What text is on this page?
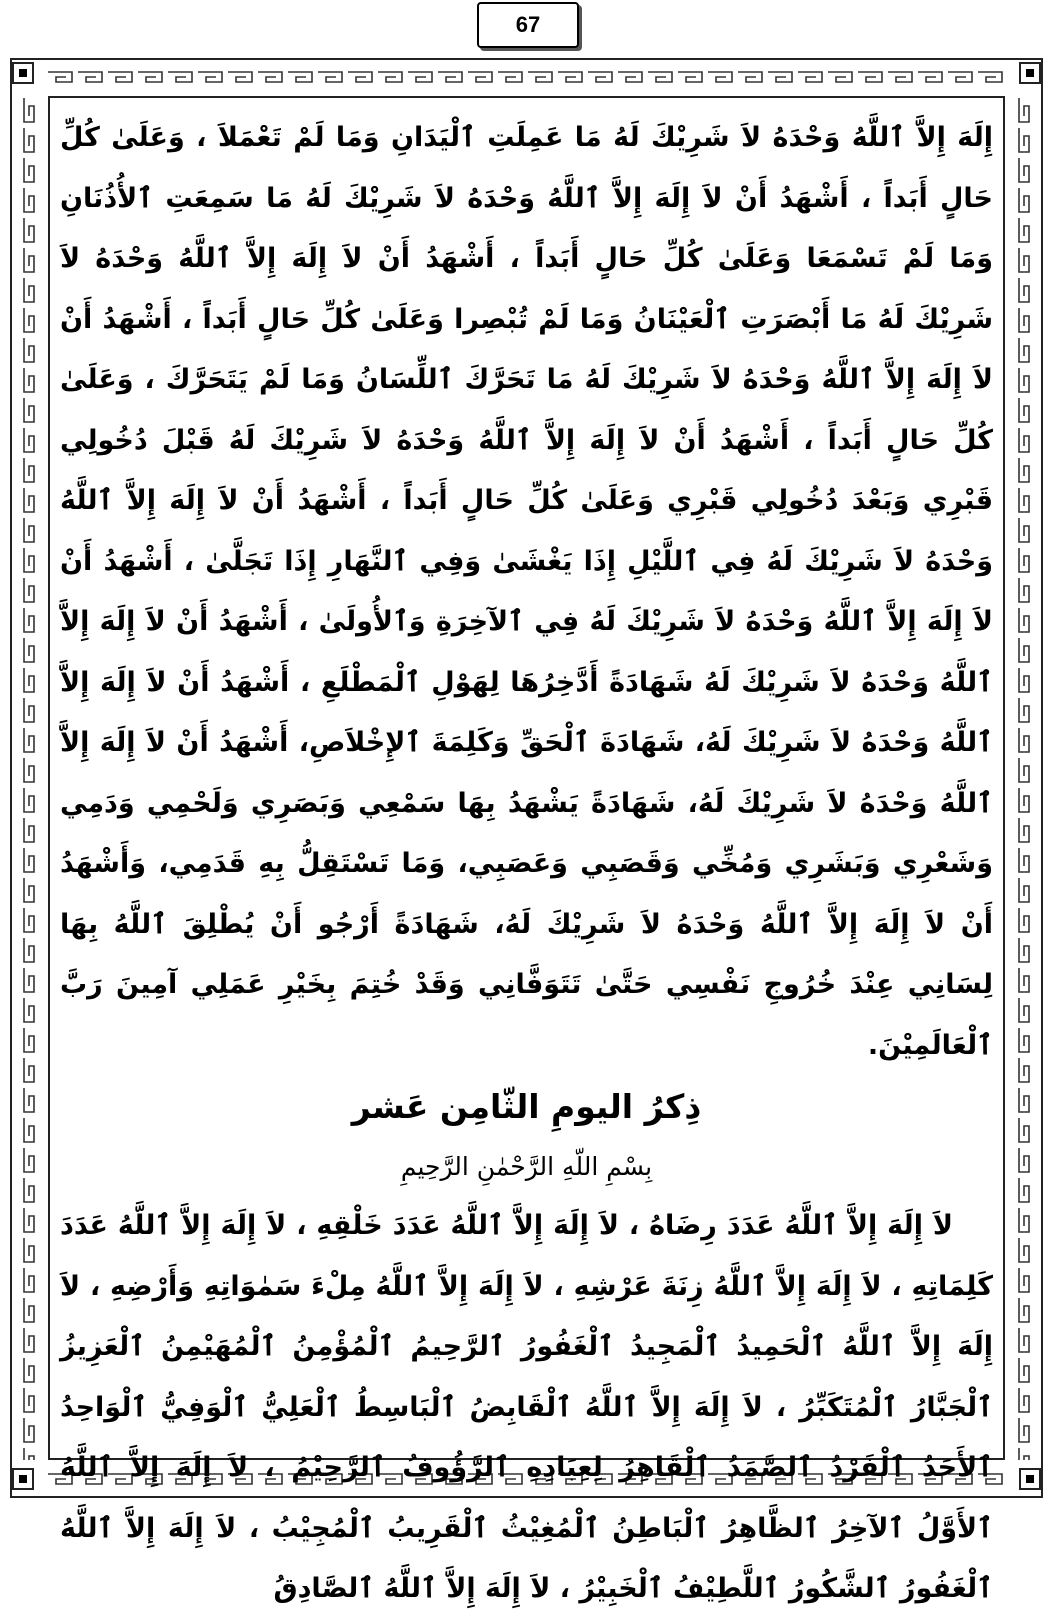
67

إِلَهَ إِلاَّ ٱللَّهُ وَحْدَهُ لاَ شَرِيْكَ لَهُ مَا عَمِلَتِ ٱلْيَدَانِ وَمَا لَمْ تَعْمَلاَ ، وَعَلَىٰ كُلِّ حَالٍ أَبَداً ، أَشْهَدُ أَنْ لاَ إِلَهَ إِلاَّ ٱللَّهُ وَحْدَهُ لاَ شَرِيْكَ لَهُ مَا سَمِعَتِ ٱلأُذُنَانِ وَمَا لَمْ تَسْمَعَا وَعَلَىٰ كُلِّ حَالٍ أَبَداً ، أَشْهَدُ أَنْ لاَ إِلَهَ إِلاَّ ٱللَّهُ وَحْدَهُ لاَ شَرِيْكَ لَهُ مَا أَبْصَرَتِ ٱلْعَيْنَانُ وَمَا لَمْ تُبْصِرا وَعَلَىٰ كُلِّ حَالٍ أَبَداً ، أَشْهَدُ أَنْ لاَ إِلَهَ إِلاَّ ٱللَّهُ وَحْدَهُ لاَ شَرِيْكَ لَهُ مَا تَحَرَّكَ ٱللِّسَانُ وَمَا لَمْ يَتَحَرَّكَ ، وَعَلَىٰ كُلِّ حَالٍ أَبَداً ، أَشْهَدُ أَنْ لاَ إِلَهَ إِلاَّ ٱللَّهُ وَحْدَهُ لاَ شَرِيْكَ لَهُ قَبْلَ دُخُولِي قَبْرِي وَبَعْدَ دُخُولِي قَبْرِي وَعَلَىٰ كُلِّ حَالٍ أَبَداً ، أَشْهَدُ أَنْ لاَ إِلَهَ إِلاَّ ٱللَّهُ وَحْدَهُ لاَ شَرِيْكَ لَهُ فِي ٱللَّيْلِ إِذَا يَغْشَىٰ وَفِي ٱلنَّهَارِ إِذَا تَجَلَّىٰ ، أَشْهَدُ أَنْ لاَ إِلَهَ إِلاَّ ٱللَّهُ وَحْدَهُ لاَ شَرِيْكَ لَهُ فِي ٱلآخِرَةِ وَٱلأُولَىٰ ، أَشْهَدُ أَنْ لاَ إِلَهَ إِلاَّ ٱللَّهُ وَحْدَهُ لاَ شَرِيْكَ لَهُ شَهَادَةً أَدَّخِرُهَا لِهَوْلِ ٱلْمَطْلَعِ ، أَشْهَدُ أَنْ لاَ إِلَهَ إِلاَّ ٱللَّهُ وَحْدَهُ لاَ شَرِيْكَ لَهُ، شَهَادَةَ ٱلْحَقِّ وَكَلِمَةَ ٱلإِخْلاَصِ، أَشْهَدُ أَنْ لاَ إِلَهَ إِلاَّ ٱللَّهُ وَحْدَهُ لاَ شَرِيْكَ لَهُ، شَهَادَةً يَشْهَدُ بِهَا سَمْعِي وَبَصَرِي وَلَحْمِي وَدَمِي وَشَعْرِي وَبَشَرِي وَمُخِّي وَقَصَبِي وَعَصَبِي، وَمَا تَسْتَقِلُّ بِهِ قَدَمِي، وَأَشْهَدُ أَنْ لاَ إِلَهَ إِلاَّ ٱللَّهُ وَحْدَهُ لاَ شَرِيْكَ لَهُ، شَهَادَةً أَرْجُو أَنْ يُطْلِقَ ٱللَّهُ بِهَا لِسَانِي عِنْدَ خُرُوجِ نَفْسِي حَتَّىٰ تَتَوَفَّانِي وَقَدْ خُتِمَ بِخَيْرِ عَمَلِي آمِينَ رَبَّ ٱلْعَالَمِيْنَ.

ذِكرُ اليومِ الثّامِن عَشر

بِسْمِ اللّهِ الرَّحْمٰنِ الرَّحِيمِ

لاَ إِلَهَ إِلاَّ ٱللَّهُ عَدَدَ رِضَاهُ ، لاَ إِلَهَ إِلاَّ ٱللَّهُ عَدَدَ خَلْقِهِ ، لاَ إِلَهَ إِلاَّ ٱللَّهُ عَدَدَ كَلِمَاتِهِ ، لاَ إِلَهَ إِلاَّ ٱللَّهُ زِنَةَ عَرْشِهِ ، لاَ إِلَهَ إِلاَّ ٱللَّهُ مِلْءَ سَمٰوَاتِهِ وَأَرْضِهِ ، لاَ إِلَهَ إِلاَّ ٱللَّهُ ٱلْحَمِيدُ ٱلْمَجِيدُ ٱلْغَفُورُ ٱلرَّحِيمُ ٱلْمُؤْمِنُ ٱلْمُهَيْمِنُ ٱلْعَزِيزُ ٱلْجَبَّارُ ٱلْمُتَكَبِّرُ ، لاَ إِلَهَ إِلاَّ ٱللَّهُ ٱلْقَابِضُ ٱلْبَاسِطُ ٱلْعَلِيُّ ٱلْوَفِيُّ ٱلْوَاحِدُ ٱلأَحَدُ ٱلْفَرْدُ ٱلصَّمَدُ ٱلْقَاهِرُ لِعِبَادِهِ ٱلرَّؤُوفُ ٱلرَّحِيْمُ ، لاَ إِلَهَ إِلاَّ ٱللَّهُ ٱلأَوَّلُ ٱلآخِرُ ٱلظَّاهِرُ ٱلْبَاطِنُ ٱلْمُغِيْثُ ٱلْقَرِيبُ ٱلْمُجِيْبُ ، لاَ إِلَهَ إِلاَّ ٱللَّهُ ٱلْغَفُورُ ٱلشَّكُورُ ٱللَّطِيْفُ ٱلْخَبِيْرُ ، لاَ إِلَهَ إِلاَّ ٱللَّهُ ٱلصَّادِقُ
